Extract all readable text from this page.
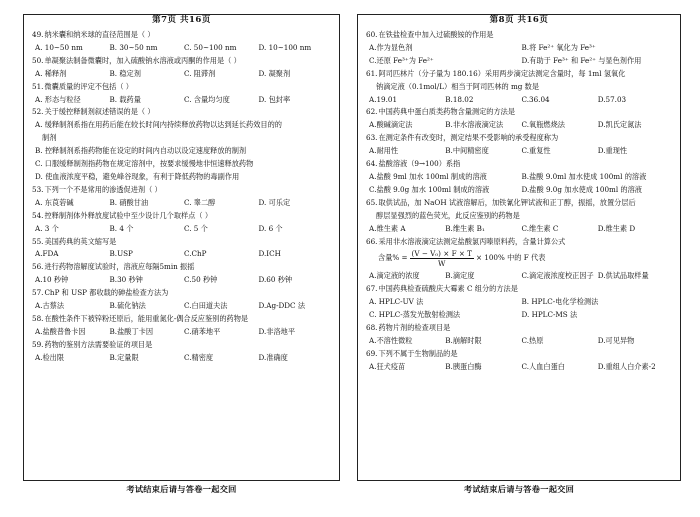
第7页 共16页
49.纳米囊和纳米球的直径范围是（ ）
A. 10~50 nm	B. 30~50 nm	C. 50~100 nm	D. 10~100 nm
50.单凝聚法制备微囊时，加入硫酸钠水溶液或丙酮的作用是（ ）
A. 稀释剂	B. 稳定剂	C. 阻滞剂	D. 凝聚剂
51.微囊质量的评定不包括（ ）
A. 形态与粒径	B. 载药量	C. 含量均匀度	D. 包封率
52.关于缓控释制剂叙述错误的是（ ）
A. 缓释制剂系指在用药后能在较长时间内持续释放药物以达到延长药效目的的
制剂
B. 控释制剂系指药物能在设定的时间内自动以设定速度释放的制剂
C. 口服缓释制剂指药物在规定溶剂中，按要求缓慢地非恒速释放药物
D. 使血液浓度平稳，避免峰谷现象，有利于降低药物的毒副作用
53.下列一个不是常用的渗透促进剂（ ）
A. 东莨菪碱	B. 硝酸甘油	C. 睾二醇	D. 可乐定
54.控释制剂体外释放度试验中至少设计几个取样点（ ）
A. 3 个	B. 4 个	C. 5 个	D. 6 个
55.美国药典的英文缩写是
A.FDA	B.USP	C.ChP	D.ICH
56.进行药物溶解度试验时，溶液应每隔5min 振摇
A.10 秒钟	B.30 秒钟	C.50 秒钟	D.60 秒钟
57.ChP 和 USP 都收载的砷盐检查方法为
A.古蔡法	B.硫化钠法	C.白田道夫法	D.Ag-DDC 法
58.在酸性条件下被锌粉还原后，能用重氮化-偶合反应鉴别的药物是
A.盐酸普鲁卡因	B.盐酸丁卡因	C.硝苯地平	D.非洛地平
59.药物的鉴别方法需要验证的项目是
A.检出限	B.定量限	C.精密度	D.准确度
考试结束后请与答卷一起交回
第8页 共16页
60.在铁盐检查中加入过硫酸铵的作用是
A.作为显色剂	B.将 Fe²⁺ 氧化为 Fe³⁺
C.还原 Fe³⁺为 Fe²⁺	D.有助于 Fe³⁺ 和 Fe²⁺ 与显色剂作用
61.阿司匹林片（分子量为 180.16）采用两步滴定法测定含量时，每 1ml 氢氧化
钠滴定液（0.1mol/L）相当于阿司匹林的 mg 数是
A.19.01	B.18.02	C.36.04	D.57.03
62.中国药典中蛋白质类药物含量测定的方法是
A.酸碱滴定法	B.非水溶液滴定法	C.氧瓶燃烧法	D.凯氏定氮法
63.在测定条件有改变时，测定结果不受影响的承受程度称为
A.耐用性	B.中间精密度	C.重复性	D.重现性
64.盐酸溶液（9→100）系指
A.盐酸 9ml 加水 100ml 制成的溶液	B.盐酸 9.0ml 加水使成 100ml 的溶液
C.盐酸 9.0g 加水 100ml 制成的溶液	D.盐酸 9.0g 加水使成 100ml 的溶液
65.取供试品，加 NaOH 试液溶解后，加铁氰化钾试液和正丁醇，振摇，放置分层后
醇层显强烈的蓝色荧光，此反应鉴别的药物是
A.维生素 A	B.维生素 B₁	C.维生素 C	D.维生素 D
66.采用非水溶液滴定法测定盐酸氯丙嗪原料药，含量计算公式
含量% = $\frac{\text{(V − V₀) × F × T}}{W} \times 100\%$ 中的 F 代表
A.滴定液的浓度	B.滴定度	C.滴定液浓度校正因子 D.供试品取样量
67.中国药典检查硫酸庆大霉素 C 组分的方法是
A. HPLC-UV 法	B. HPLC-电化学检测法
C. HPLC-蒸发光散射检测法	D. HPLC-MS 法
68.药物片剂的检查项目是
A.不溶性微粒	B.崩解时限	C.热原	D.可见异物
69.下列不属于生物制品的是
A.狂犬疫苗	B.胰蛋白酶	C.人血白蛋白	D.重组人白介素-2
考试结束后请与答卷一起交回
